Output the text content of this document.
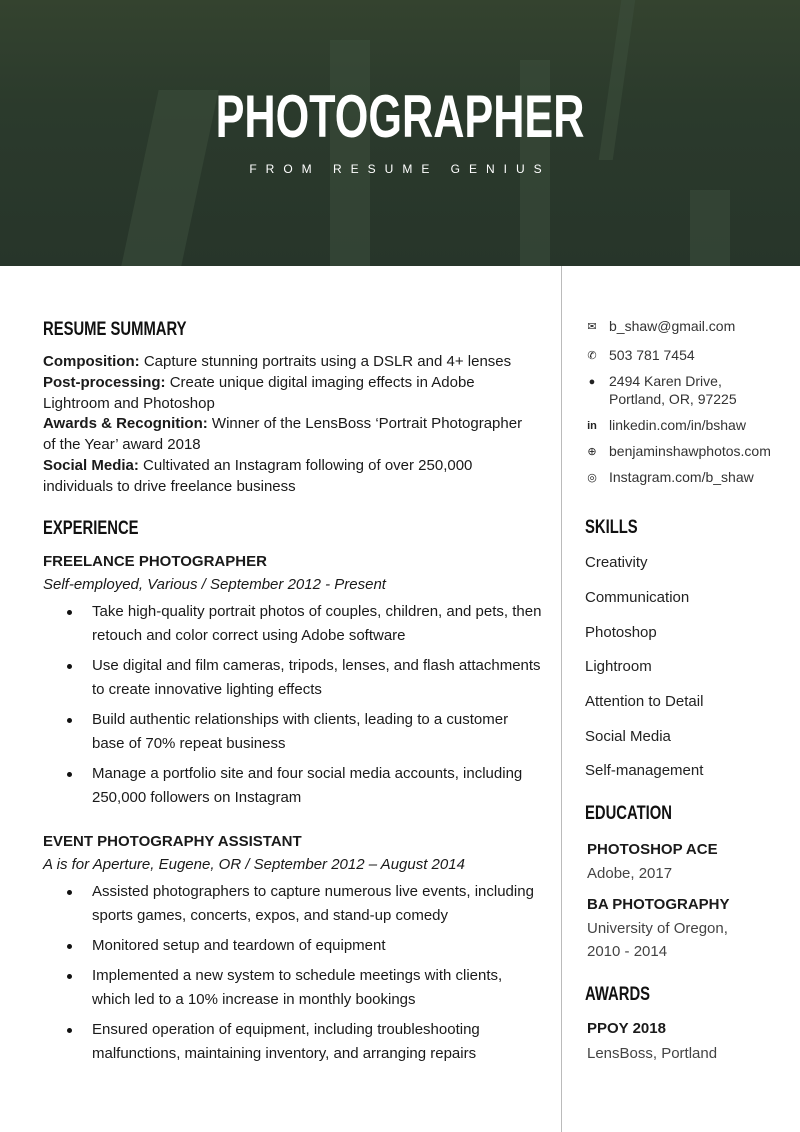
PHOTOGRAPHER
FROM RESUME GENIUS
RESUME SUMMARY
Composition: Capture stunning portraits using a DSLR and 4+ lenses
Post-processing: Create unique digital imaging effects in Adobe Lightroom and Photoshop
Awards & Recognition: Winner of the LensBoss ‘Portrait Photographer of the Year’ award 2018
Social Media: Cultivated an Instagram following of over 250,000 individuals to drive freelance business
EXPERIENCE
FREELANCE PHOTOGRAPHER
Self-employed, Various / September 2012 - Present
Take high-quality portrait photos of couples, children, and pets, then retouch and color correct using Adobe software
Use digital and film cameras, tripods, lenses, and flash attachments to create innovative lighting effects
Build authentic relationships with clients, leading to a customer base of 70% repeat business
Manage a portfolio site and four social media accounts, including 250,000 followers on Instagram
EVENT PHOTOGRAPHY ASSISTANT
A is for Aperture, Eugene, OR / September 2012 – August 2014
Assisted photographers to capture numerous live events, including sports games, concerts, expos, and stand-up comedy
Monitored setup and teardown of equipment
Implemented a new system to schedule meetings with clients, which led to a 10% increase in monthly bookings
Ensured operation of equipment, including troubleshooting malfunctions, maintaining inventory, and arranging repairs
✉ b_shaw@gmail.com
✆ 503 781 7454
● 2494 Karen Drive,
Portland, OR, 97225
in linkedin.com/in/bshaw
⊕ benjaminshawphotos.com
◎ Instagram.com/b_shaw
SKILLS
Creativity
Communication
Photoshop
Lightroom
Attention to Detail
Social Media
Self-management
EDUCATION
PHOTOSHOP ACE
Adobe, 2017
BA PHOTOGRAPHY
University of Oregon,
2010 - 2014
AWARDS
PPOY 2018
LensBoss, Portland
